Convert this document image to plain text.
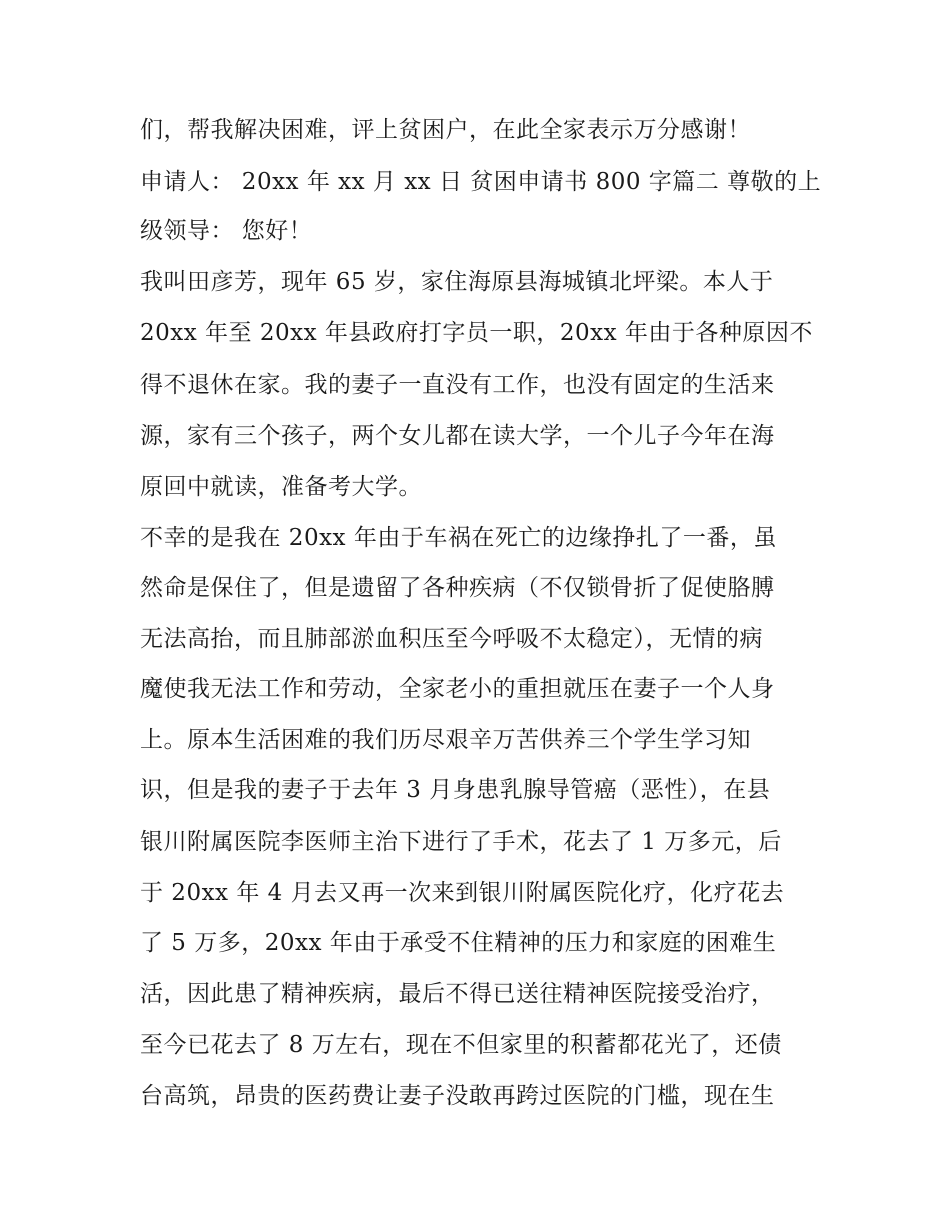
们，帮我解决困难，评上贫困户，在此全家表示万分感谢！

申请人： 20xx 年 xx 月 xx 日 贫困申请书 800 字篇二 尊敬的上

级领导： 您好！

我叫田彦芳，现年 65 岁，家住海原县海城镇北坪梁。本人于

20xx 年至 20xx 年县政府打字员一职，20xx 年由于各种原因不

得不退休在家。我的妻子一直没有工作，也没有固定的生活来

源，家有三个孩子，两个女儿都在读大学，一个儿子今年在海

原回中就读，准备考大学。

不幸的是我在 20xx 年由于车祸在死亡的边缘挣扎了一番，虽

然命是保住了，但是遗留了各种疾病（不仅锁骨折了促使胳膊

无法高抬，而且肺部淤血积压至今呼吸不太稳定），无情的病

魔使我无法工作和劳动，全家老小的重担就压在妻子一个人身

上。原本生活困难的我们历尽艰辛万苦供养三个学生学习知

识，但是我的妻子于去年 3 月身患乳腺导管癌（恶性），在县

银川附属医院李医师主治下进行了手术，花去了 1 万多元，后

于 20xx 年 4 月去又再一次来到银川附属医院化疗，化疗花去

了 5 万多，20xx 年由于承受不住精神的压力和家庭的困难生

活，因此患了精神疾病，最后不得已送往精神医院接受治疗，

至今已花去了 8 万左右，现在不但家里的积蓄都花光了，还债

台高筑，昂贵的医药费让妻子没敢再跨过医院的门槛，现在生
